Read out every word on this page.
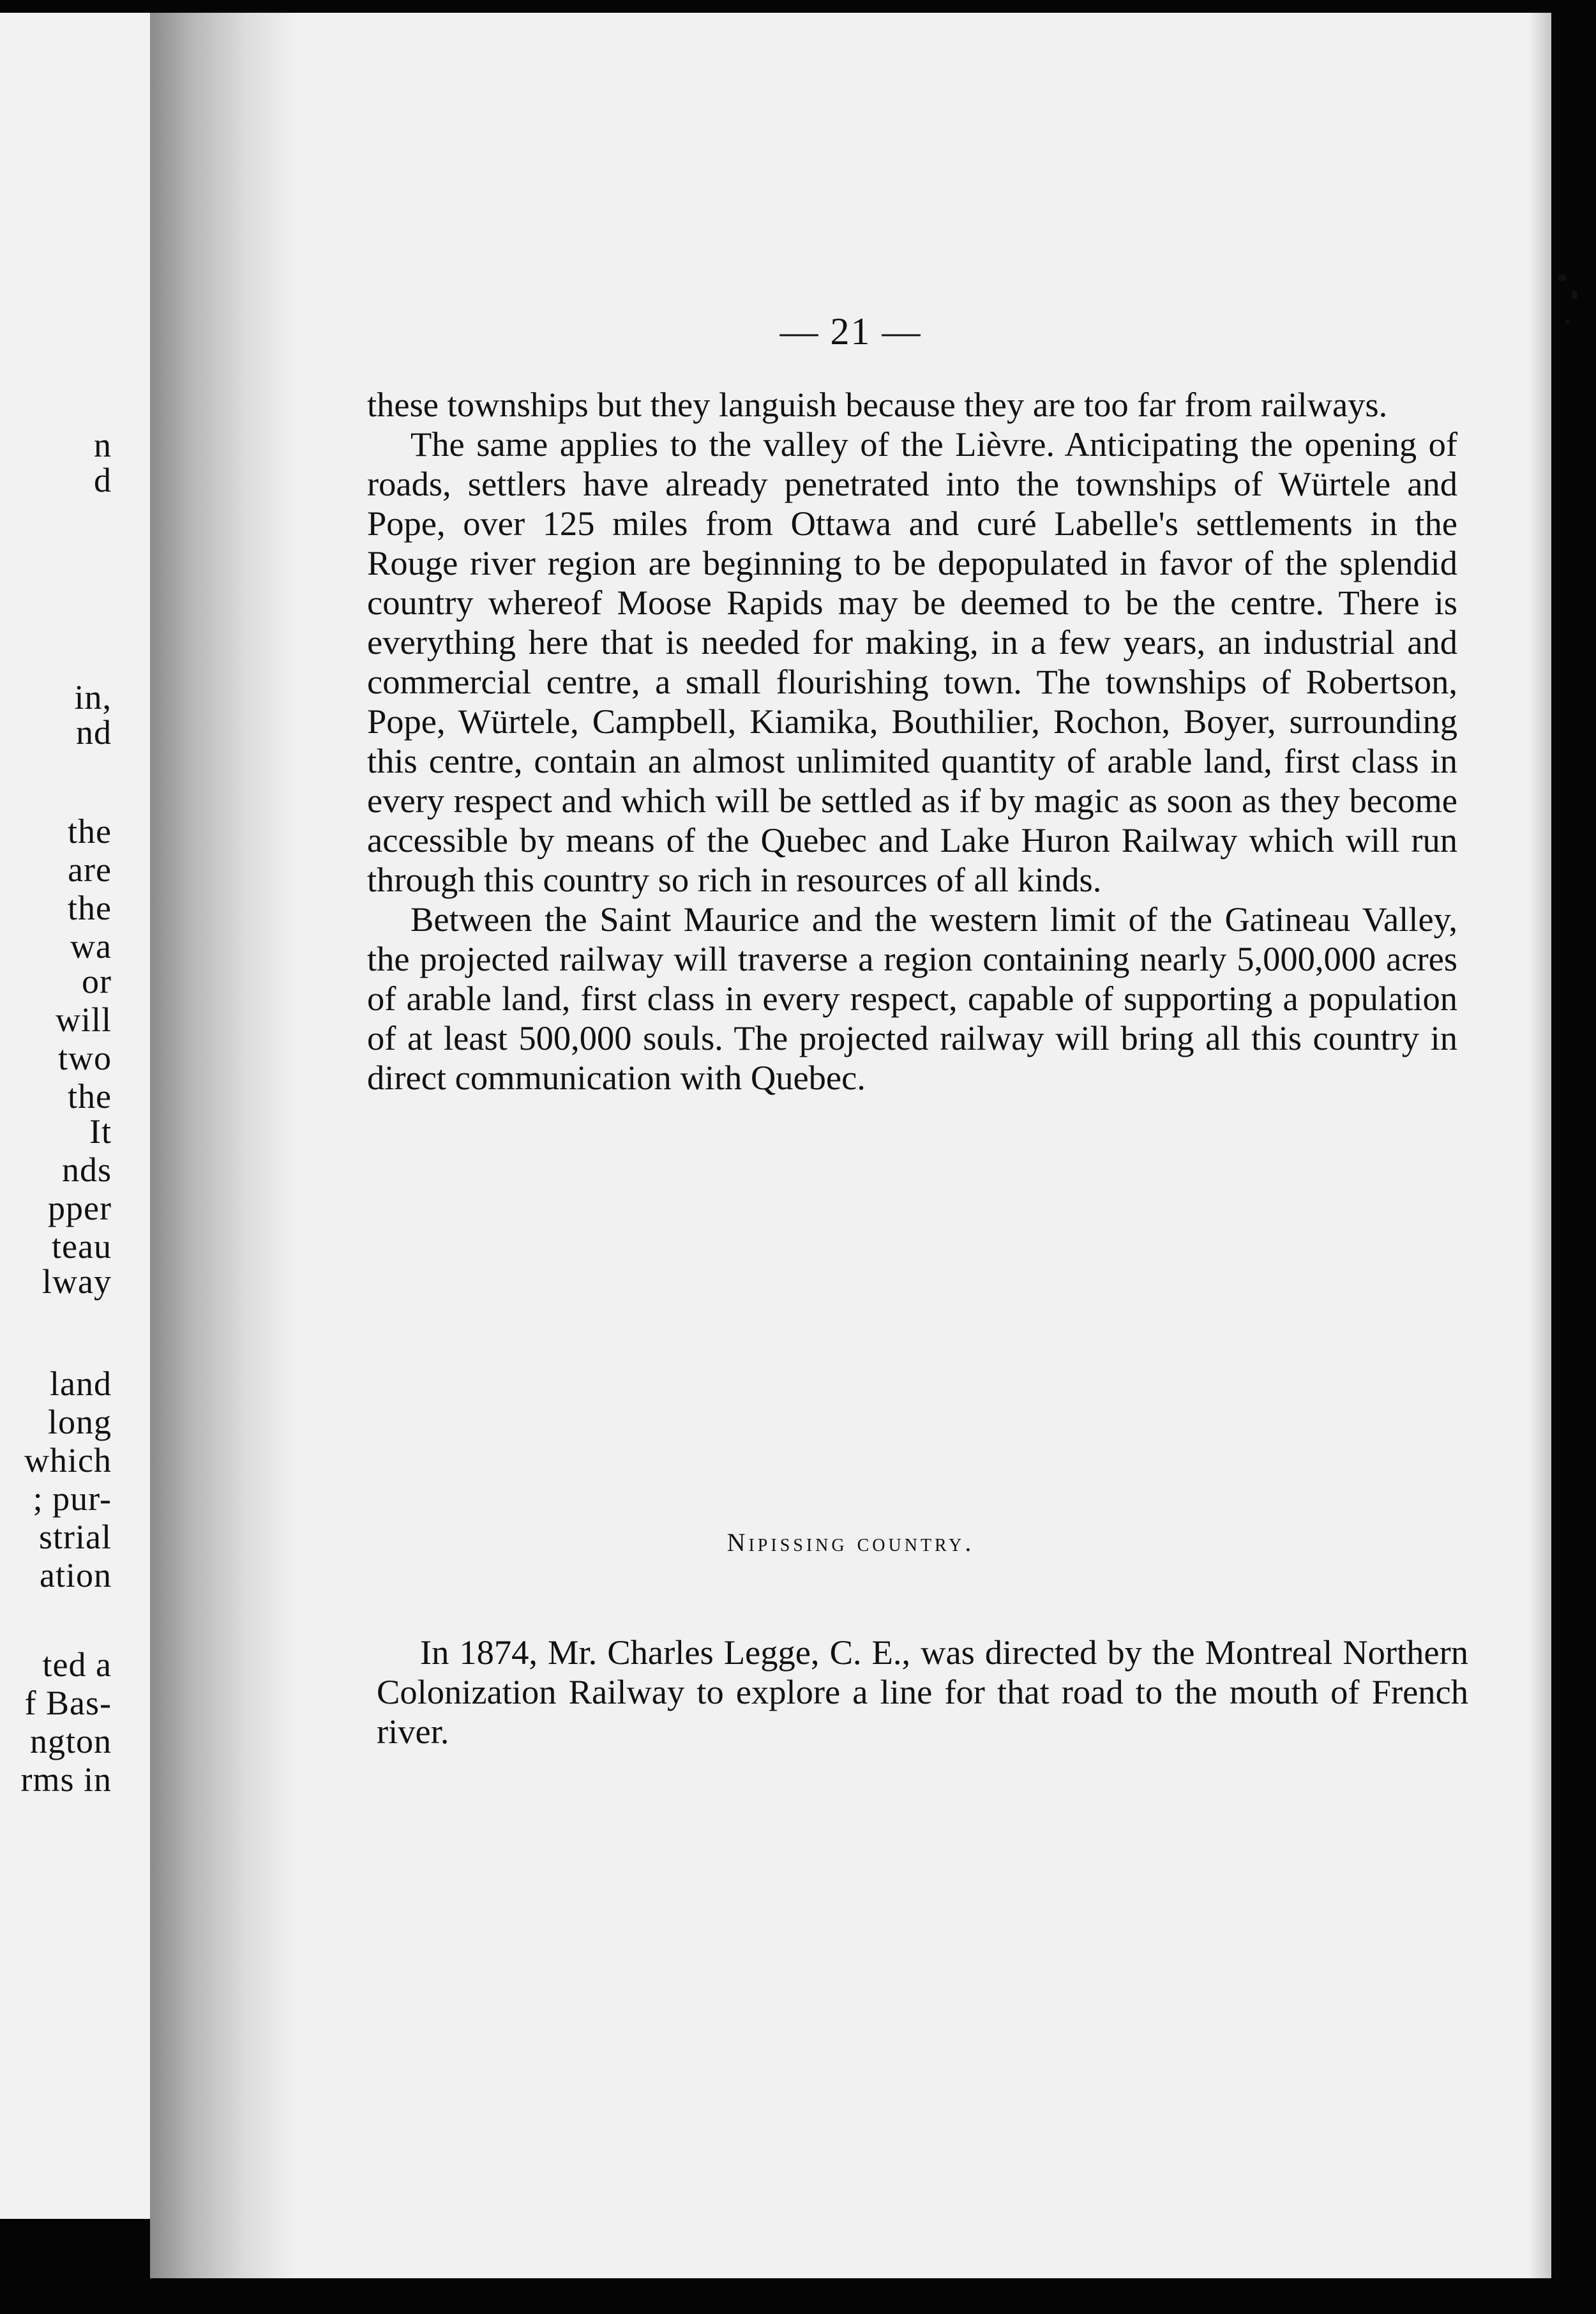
n
d
in,
nd
the
are
the
wa
or
will
two
the
It
nds
pper
teau
lway
land
long
which
; pur-
strial
ation
ted a
f Bas-
ngton
rms in
— 21 —

these townships but they languish because they are too far from railways.

The same applies to the valley of the Lièvre. Anticipating the opening of roads, settlers have already penetrated into the townships of Würtele and Pope, over 125 miles from Ottawa and curé Labelle's settlements in the Rouge river region are beginning to be depopulated in favor of the splendid country whereof Moose Rapids may be deemed to be the centre. There is everything here that is needed for making, in a few years, an industrial and commercial centre, a small flourishing town. The townships of Robertson, Pope, Würtele, Campbell, Kiamika, Bouthilier, Rochon, Boyer, surrounding this centre, contain an almost unlimited quantity of arable land, first class in every respect and which will be settled as if by magic as soon as they become accessible by means of the Quebec and Lake Huron Railway which will run through this country so rich in resources of all kinds.

Between the Saint Maurice and the western limit of the Gatineau Valley, the projected railway will traverse a region containing nearly 5,000,000 acres of arable land, first class in every respect, capable of supporting a population of at least 500,000 souls. The projected railway will bring all this country in direct communication with Quebec.

Nipissing country.

In 1874, Mr. Charles Legge, C. E., was directed by the Montreal Northern Colonization Railway to explore a line for that road to the mouth of French river.
